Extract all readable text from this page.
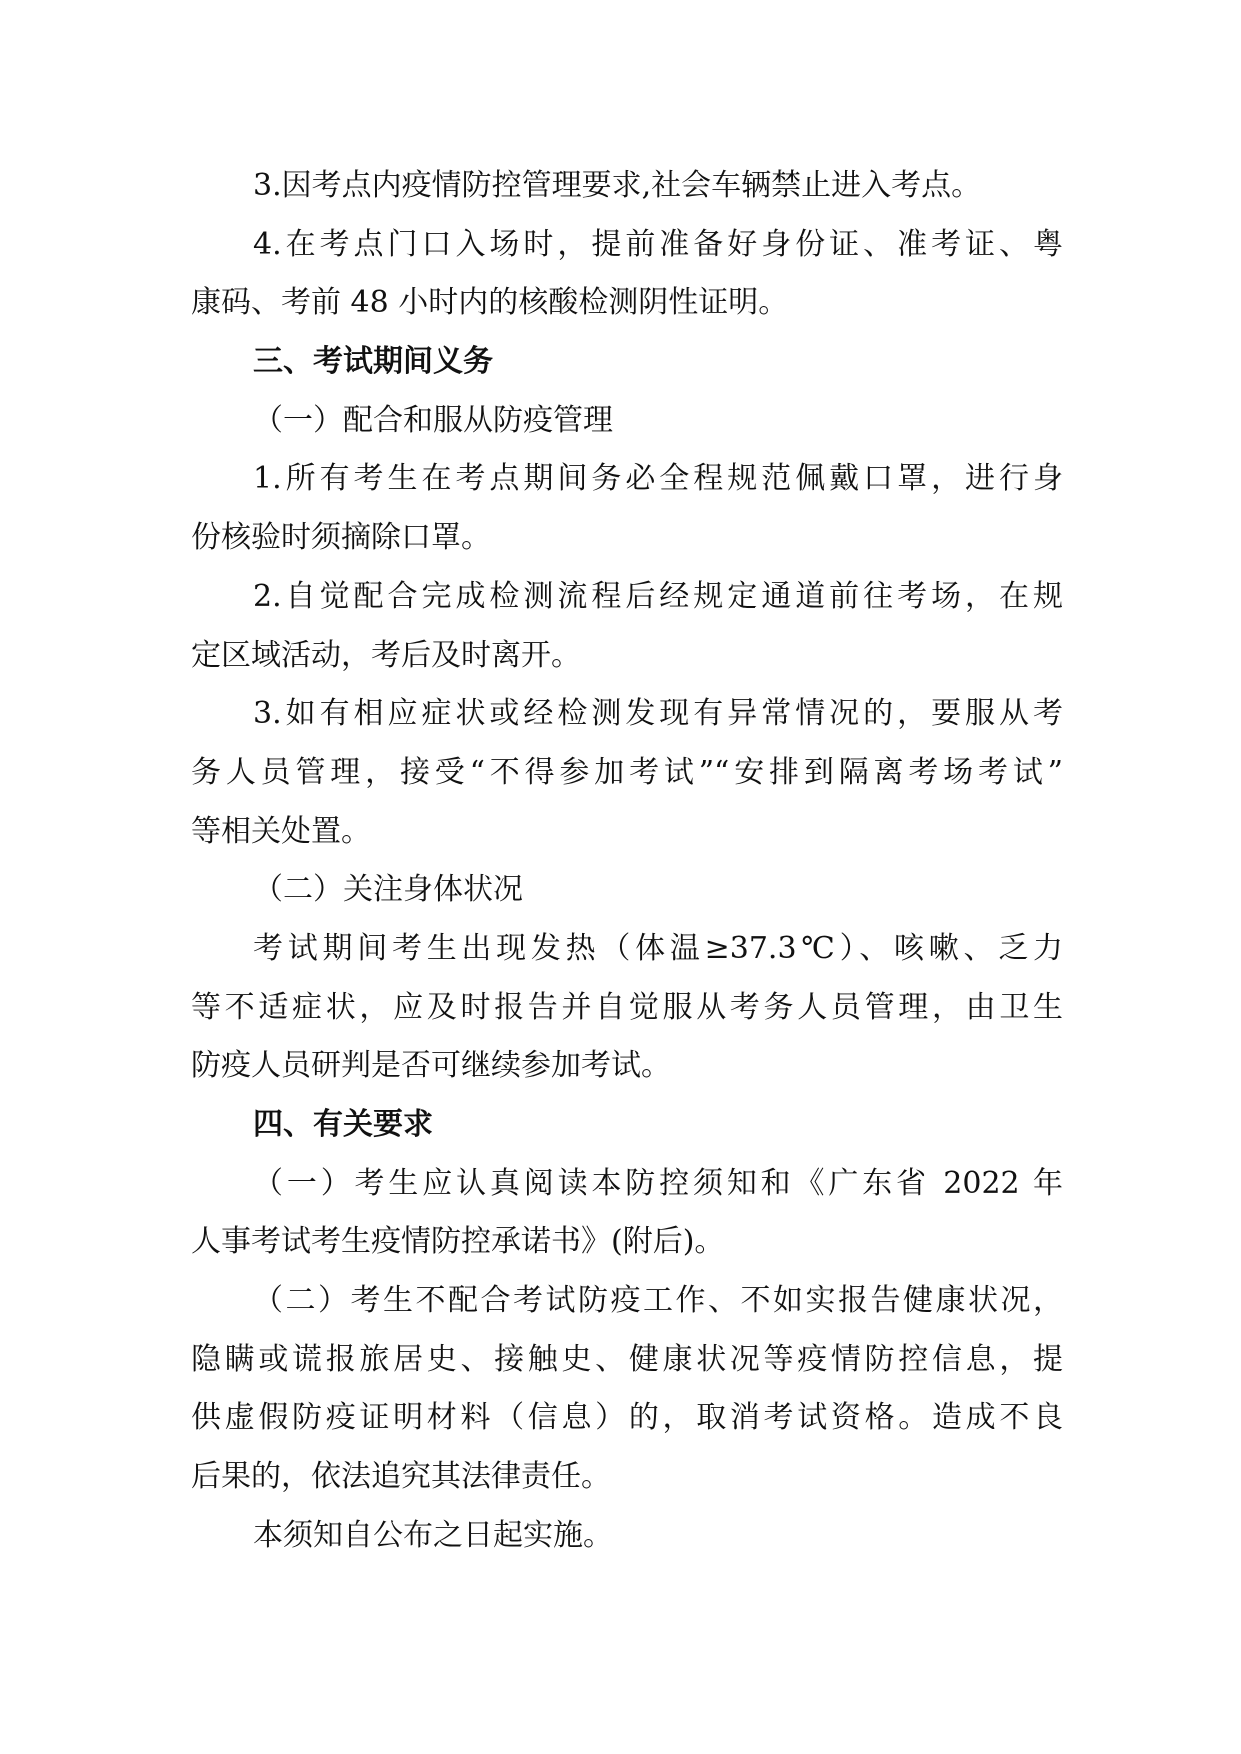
3.因考点内疫情防控管理要求,社会车辆禁止进入考点。
4.在考点门口入场时，提前准备好身份证、准考证、粤
康码、考前 48 小时内的核酸检测阴性证明。
三、考试期间义务
（一）配合和服从防疫管理
1.所有考生在考点期间务必全程规范佩戴口罩，进行身
份核验时须摘除口罩。
2.自觉配合完成检测流程后经规定通道前往考场，在规
定区域活动，考后及时离开。
3.如有相应症状或经检测发现有异常情况的，要服从考
务人员管理，接受“不得参加考试”“安排到隔离考场考试”
等相关处置。
（二）关注身体状况
考试期间考生出现发热（体温≥37.3℃）、咳嗽、乏力
等不适症状，应及时报告并自觉服从考务人员管理，由卫生
防疫人员研判是否可继续参加考试。
四、有关要求
（一）考生应认真阅读本防控须知和《广东省 2022 年
人事考试考生疫情防控承诺书》(附后)。
（二）考生不配合考试防疫工作、不如实报告健康状况，
隐瞒或谎报旅居史、接触史、健康状况等疫情防控信息，提
供虚假防疫证明材料（信息）的，取消考试资格。造成不良
后果的，依法追究其法律责任。
本须知自公布之日起实施。
